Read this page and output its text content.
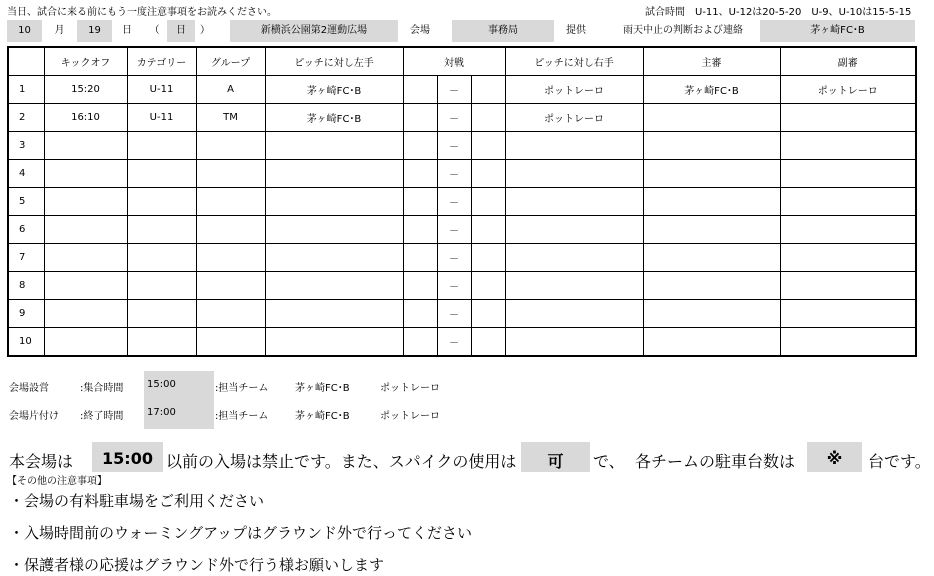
当日、試合に来る前にもう一度注意事項をお読みください。	試合時間　U-11、U-12は20-5-20　U-9、U-10は15-5-15
10	月	19	日	（	日	）	新横浜公園第2運動広場	会場	事務局	提供	雨天中止の判断および連絡	茅ヶ崎FC･B
	キックオフ	カテゴリー	グループ	ピッチに対し左手	対戦			ピッチに対し右手	主審	副審
1	15:20	U-11	A	茅ヶ崎FC･B		－		ポットレーロ	茅ヶ崎FC･B	ポットレーロ
2	16:10	U-11	TM	茅ヶ崎FC･B		－		ポットレーロ		
3						－				
4						－				
5						－				
6						－				
7						－				
8						－				
9						－				
10						－				
会場設営	:集合時間 15:00	:担当チーム	茅ヶ崎FC･B	ポットレーロ
会場片付け :終了時間 17:00	:担当チーム	茅ヶ崎FC･B	ポットレーロ
本会場は	15:00 以前の入場は禁止です。また、スパイクの使用は	可	で、 各チームの駐車台数は	※	台です。
【その他の注意事項】
・会場の有料駐車場をご利用ください
・入場時間前のウォーミングアップはグラウンド外で行ってください
・保護者様の応援はグラウンド外で行う様お願いします
